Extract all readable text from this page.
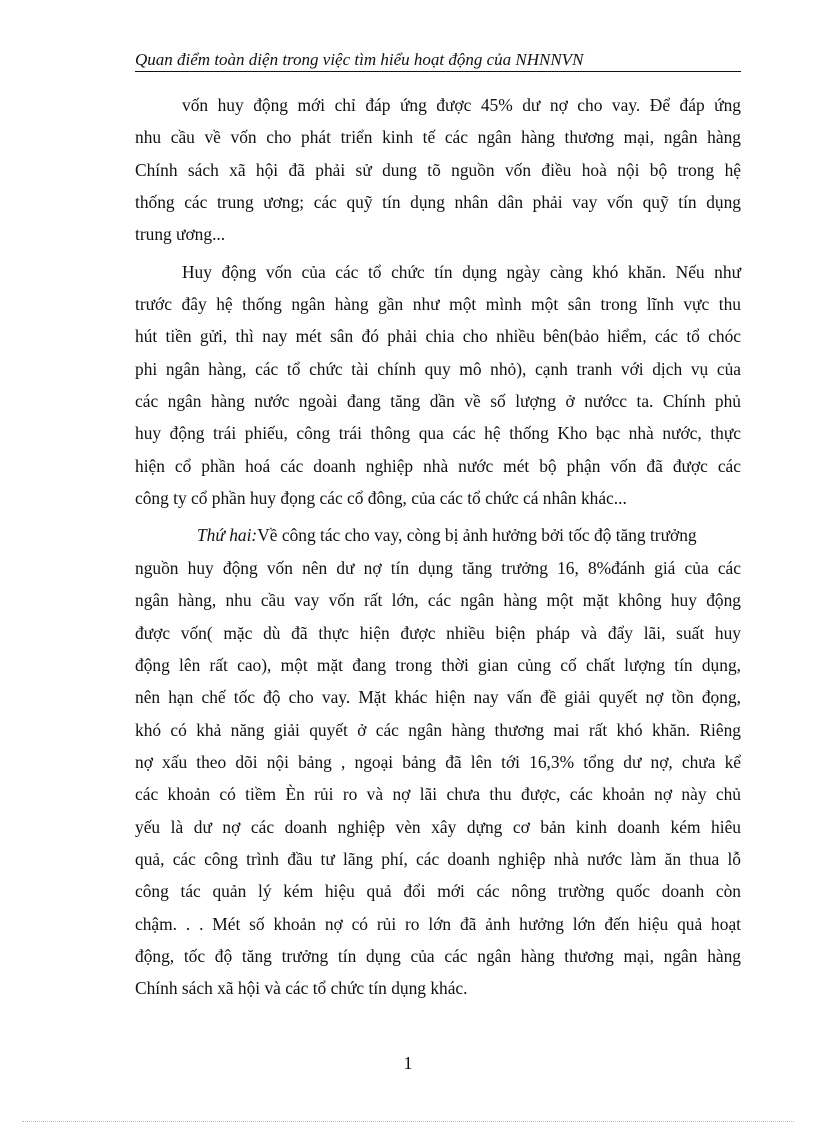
Quan điểm toàn diện trong việc tìm hiểu hoạt động của NHNNVN
vốn huy động mới chỉ đáp ứng được 45% dư nợ cho vay. Để đáp ứng
nhu cầu về vốn cho phát triển kinh tế các ngân hàng thương mại, ngân hàng
Chính sách xã hội đã phải sử dung tõ nguồn vốn điều hoà nội bộ trong hệ
thống các trung ương; các quỹ tín dụng nhân dân phải vay vốn quỹ tín dụng
trung ương...
Huy động vốn của các tổ chức tín dụng ngày càng khó khăn. Nếu như
trước đây hệ thống ngân hàng gần như một mình một sân trong lĩnh vực thu
hút tiền gửi, thì nay mét sân đó phải chia cho nhiều bên(bảo hiểm, các tổ chóc
phi ngân hàng, các tổ chức tài chính quy mô nhỏ), cạnh tranh với dịch vụ của
các ngân hàng nước ngoài đang tăng dần về số lượng ở nướcc ta. Chính phủ
huy động trái phiếu, công trái thông qua các hệ thống Kho bạc nhà nước, thực
hiện cổ phần hoá các doanh nghiệp nhà nước mét bộ phận vốn đã được các
công ty cổ phần huy đọng các cổ đông, của các tổ chức cá nhân khác...
Thứ hai:Về công tác cho vay, còng bị ảnh hưởng bởi tốc độ tăng trưởng
nguồn huy động vốn nên dư nợ tín dụng tăng trưởng 16, 8%đánh giá của các
ngân hàng, nhu cầu vay vốn rất lớn, các ngân hàng một mặt không huy động
được vốn( mặc dù đã thực hiện được nhiều biện pháp và đẩy lãi, suất huy
động lên rất cao), một mặt đang trong thời gian củng cố chất lượng tín dụng,
nên hạn chế tốc độ cho vay. Mặt khác hiện nay vấn đề giải quyết nợ tồn đọng,
khó có khả năng giải quyết ở các ngân hàng thương mai rất khó khăn. Riêng
nợ xấu theo dõi nội bảng , ngoại bảng đã lên tới 16,3% tổng dư nợ, chưa kể
các khoản có tiềm Èn rủi ro và nợ lãi chưa thu được, các khoản nợ này chủ
yếu là dư nợ các doanh nghiệp vèn xây dựng cơ bản kinh doanh kém hiêu
quả, các công trình đầu tư lãng phí, các doanh nghiệp nhà nước làm ăn thua lỗ
công tác quản lý kém hiệu quả đổi mới các nông trường quốc doanh còn
chậm. . . Mét số khoản nợ có rủi ro lớn đã ảnh hưởng lớn đến hiệu quả hoạt
động, tốc độ tăng trưởng tín dụng của các ngân hàng thương mại, ngân hàng
Chính sách xã hội và các tổ chức tín dụng khác.
1
